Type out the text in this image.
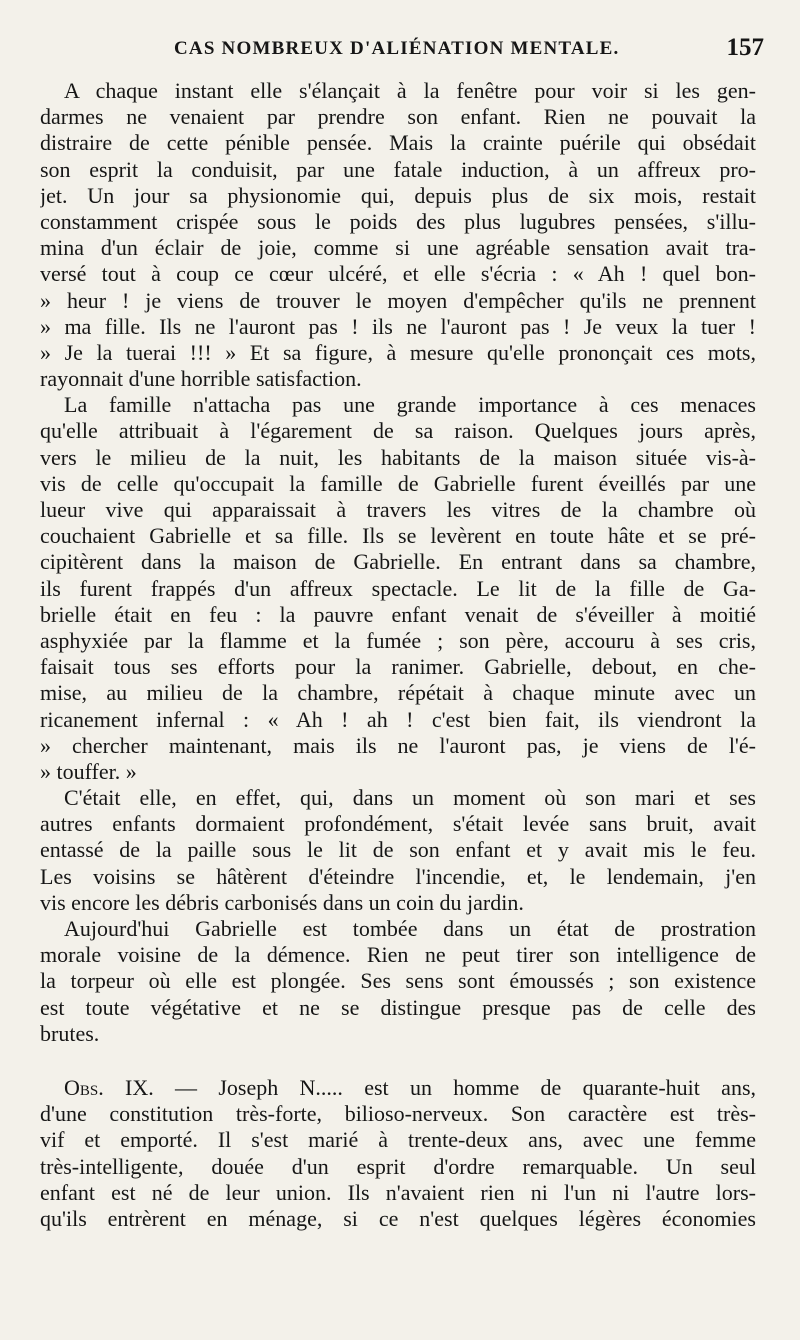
CAS NOMBREUX D'ALIÉNATION MENTALE.	157
A chaque instant elle s'élançait à la fenêtre pour voir si les gen-
darmes ne venaient par prendre son enfant. Rien ne pouvait la
distraire de cette pénible pensée. Mais la crainte puérile qui obsédait
son esprit la conduisit, par une fatale induction, à un affreux pro-
jet. Un jour sa physionomie qui, depuis plus de six mois, restait
constamment crispée sous le poids des plus lugubres pensées, s'illu-
mina d'un éclair de joie, comme si une agréable sensation avait tra-
versé tout à coup ce cœur ulcéré, et elle s'écria : « Ah ! quel bon-
» heur ! je viens de trouver le moyen d'empêcher qu'ils ne prennent
» ma fille. Ils ne l'auront pas ! ils ne l'auront pas ! Je veux la tuer !
» Je la tuerai !!! » Et sa figure, à mesure qu'elle prononçait ces mots,
rayonnait d'une horrible satisfaction.
La famille n'attacha pas une grande importance à ces menaces
qu'elle attribuait à l'égarement de sa raison. Quelques jours après,
vers le milieu de la nuit, les habitants de la maison située vis-à-
vis de celle qu'occupait la famille de Gabrielle furent éveillés par une
lueur vive qui apparaissait à travers les vitres de la chambre où
couchaient Gabrielle et sa fille. Ils se levèrent en toute hâte et se pré-
cipitèrent dans la maison de Gabrielle. En entrant dans sa chambre,
ils furent frappés d'un affreux spectacle. Le lit de la fille de Ga-
brielle était en feu : la pauvre enfant venait de s'éveiller à moitié
asphyxiée par la flamme et la fumée ; son père, accouru à ses cris,
faisait tous ses efforts pour la ranimer. Gabrielle, debout, en che-
mise, au milieu de la chambre, répétait à chaque minute avec un
ricanement infernal : « Ah ! ah ! c'est bien fait, ils viendront la
» chercher maintenant, mais ils ne l'auront pas, je viens de l'é-
» touffer. »
C'était elle, en effet, qui, dans un moment où son mari et ses
autres enfants dormaient profondément, s'était levée sans bruit, avait
entassé de la paille sous le lit de son enfant et y avait mis le feu.
Les voisins se hâtèrent d'éteindre l'incendie, et, le lendemain, j'en
vis encore les débris carbonisés dans un coin du jardin.
Aujourd'hui Gabrielle est tombée dans un état de prostration
morale voisine de la démence. Rien ne peut tirer son intelligence de
la torpeur où elle est plongée. Ses sens sont émoussés ; son existence
est toute végétative et ne se distingue presque pas de celle des
brutes.
Obs. IX. — Joseph N..... est un homme de quarante-huit ans,
d'une constitution très-forte, bilioso-nerveux. Son caractère est très-
vif et emporté. Il s'est marié à trente-deux ans, avec une femme
très-intelligente, douée d'un esprit d'ordre remarquable. Un seul
enfant est né de leur union. Ils n'avaient rien ni l'un ni l'autre lors-
qu'ils entrèrent en ménage, si ce n'est quelques légères économies
